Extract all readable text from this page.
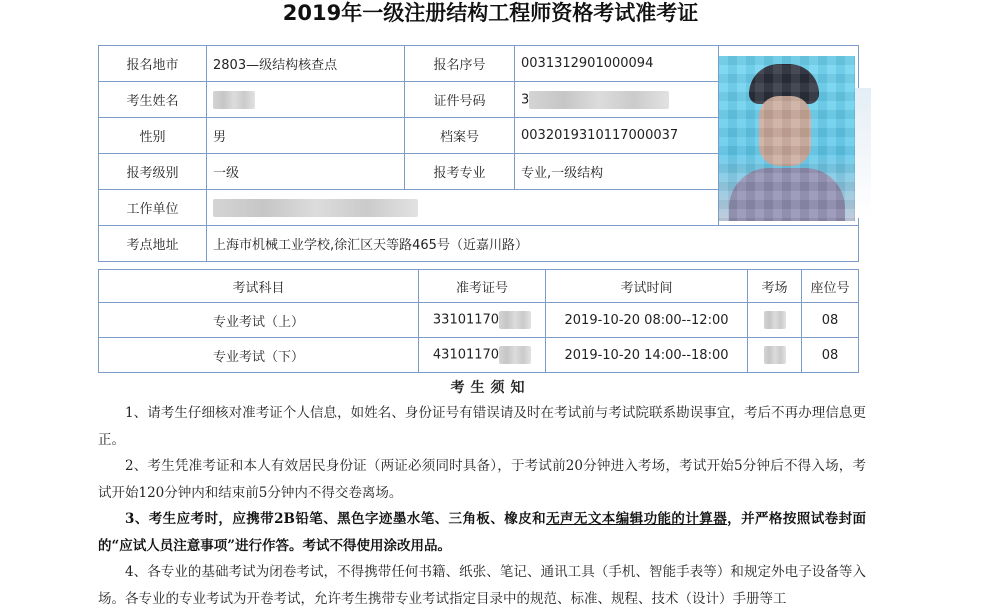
2019年一级注册结构工程师资格考试准考证
报名地市	2803—级结构核查点	报名序号	0031312901000094	
考生姓名		证件号码	3	
性别	男	档案号	0032019310117000037	
报考级别	一级	报考专业	专业,一级结构	
工作单位				
考点地址	上海市机械工业学校,徐汇区天等路465号（近嘉川路）			
考试科目	准考证号	考试时间	考场	座位号
专业考试（上）	33101170	2019-10-20 08:00--12:00		08
专业考试（下）	43101170	2019-10-20 14:00--18:00		08
考生须知

1、请考生仔细核对准考证个人信息，如姓名、身份证号有错误请及时在考试前与考试院联系勘误事宜，考后不再办理信息更正。

2、考生凭准考证和本人有效居民身份证（两证必须同时具备），于考试前20分钟进入考场，考试开始5分钟后不得入场，考试开始120分钟内和结束前5分钟内不得交卷离场。

3、考生应考时，应携带2B铅笔、黑色字迹墨水笔、三角板、橡皮和无声无文本编辑功能的计算器，并严格按照试卷封面的“应试人员注意事项”进行作答。考试不得使用涂改用品。

4、各专业的基础考试为闭卷考试，不得携带任何书籍、纸张、笔记、通讯工具（手机、智能手表等）和规定外电子设备等入场。各专业的专业考试为开卷考试，允许考生携带专业考试指定目录中的规范、标准、规程、技术（设计）手册等工
